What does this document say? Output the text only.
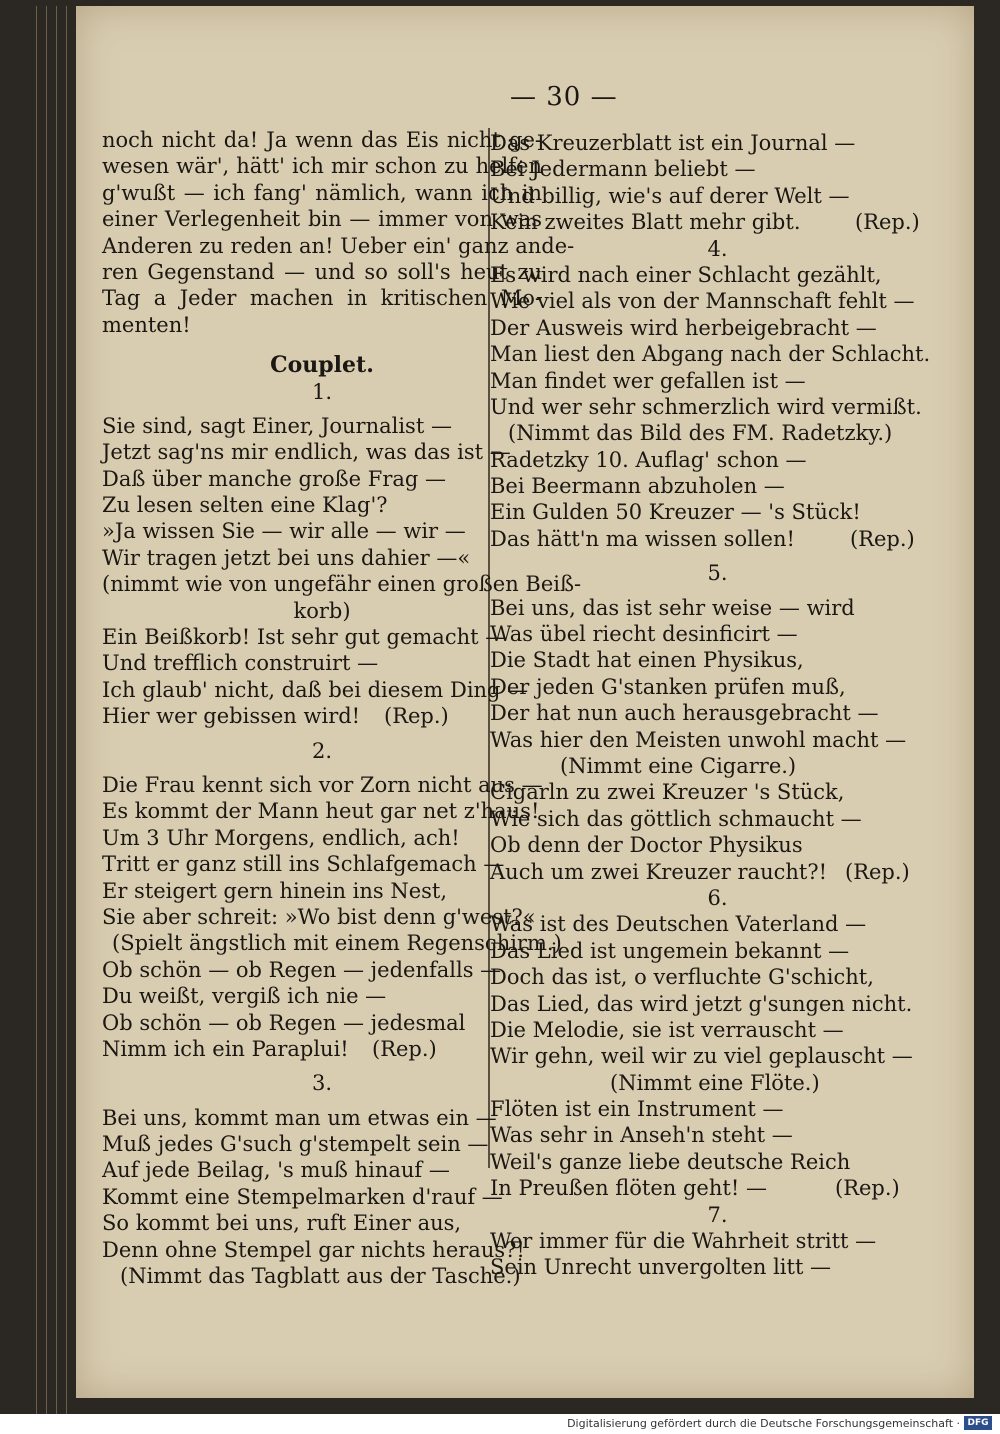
— 30 —
noch nicht da! Ja wenn das Eis nicht ge-
wesen wär', hätt' ich mir schon zu helfen
g'wußt — ich fang' nämlich, wann ich in
einer Verlegenheit bin — immer von was
Anderen zu reden an! Ueber ein' ganz ande-
ren Gegenstand — und so soll's heut zu
Tag a Jeder machen in kritischen Mo-
menten!
Couplet.
1.
Sie sind, sagt Einer, Journalist —
Jetzt sag'ns mir endlich, was das ist —
Daß über manche große Frag —
Zu lesen selten eine Klag'?
»Ja wissen Sie — wir alle — wir —
Wir tragen jetzt bei uns dahier —«
(nimmt wie von ungefähr einen großen Beiß-
korb)
Ein Beißkorb! Ist sehr gut gemacht —
Und trefflich construirt —
Ich glaub' nicht, daß bei diesem Ding —
Hier wer gebissen wird! (Rep.)
2.
Die Frau kennt sich vor Zorn nicht aus —
Es kommt der Mann heut gar net z'haus!
Um 3 Uhr Morgens, endlich, ach!
Tritt er ganz still ins Schlafgemach —
Er steigert gern hinein ins Nest,
Sie aber schreit: »Wo bist denn g'west?«
(Spielt ängstlich mit einem Regenschirm.)
Ob schön — ob Regen — jedenfalls —
Du weißt, vergiß ich nie —
Ob schön — ob Regen — jedesmal
Nimm ich ein Paraplui! (Rep.)
3.
Bei uns, kommt man um etwas ein —
Muß jedes G'such g'stempelt sein —
Auf jede Beilag, 's muß hinauf —
Kommt eine Stempelmarken d'rauf —
So kommt bei uns, ruft Einer aus,
Denn ohne Stempel gar nichts heraus?!
(Nimmt das Tagblatt aus der Tasche.)
Das Kreuzerblatt ist ein Journal —
Bei Jedermann beliebt —
Und billig, wie's auf derer Welt —
Kein zweites Blatt mehr gibt.	(Rep.)
4.
Es wird nach einer Schlacht gezählt,
Wie viel als von der Mannschaft fehlt —
Der Ausweis wird herbeigebracht —
Man liest den Abgang nach der Schlacht.
Man findet wer gefallen ist —
Und wer sehr schmerzlich wird vermißt.
(Nimmt das Bild des FM. Radetzky.)
Radetzky 10. Auflag' schon —
Bei Beermann abzuholen —
Ein Gulden 50 Kreuzer — 's Stück!
Das hätt'n ma wissen sollen!	(Rep.)
5.
Bei uns, das ist sehr weise — wird
Was übel riecht desinficirt —
Die Stadt hat einen Physikus,
Der jeden G'stanken prüfen muß,
Der hat nun auch herausgebracht —
Was hier den Meisten unwohl macht —
(Nimmt eine Cigarre.)
Cigarln zu zwei Kreuzer 's Stück,
Wie sich das göttlich schmaucht —
Ob denn der Doctor Physikus
Auch um zwei Kreuzer raucht?! (Rep.)
6.
Was ist des Deutschen Vaterland —
Das Lied ist ungemein bekannt —
Doch das ist, o verfluchte G'schicht,
Das Lied, das wird jetzt g'sungen nicht.
Die Melodie, sie ist verrauscht —
Wir gehn, weil wir zu viel geplauscht —
(Nimmt eine Flöte.)
Flöten ist ein Instrument —
Was sehr in Anseh'n steht —
Weil's ganze liebe deutsche Reich
In Preußen flöten geht! —	(Rep.)
7.
Wer immer für die Wahrheit stritt —
Sein Unrecht unvergolten litt —
Digitalisierung gefördert durch die Deutsche Forschungsgemeinschaft · DFG
